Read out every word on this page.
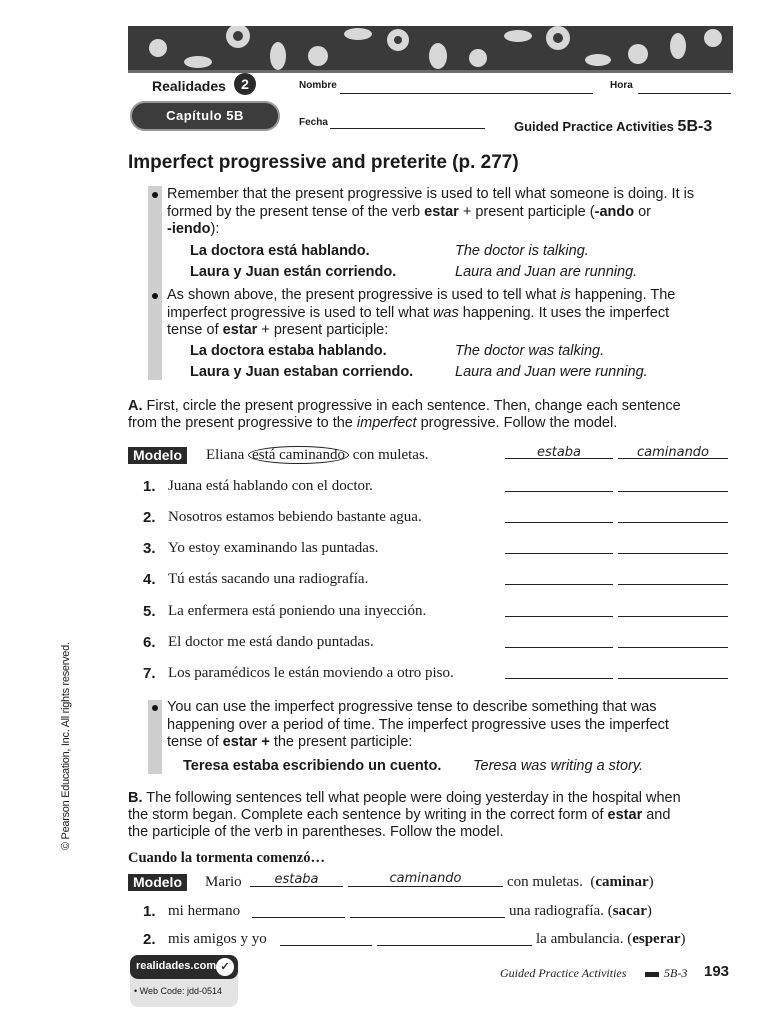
Realidades	2	Nombre	Hora
Capítulo 5B	Fecha	Guided Practice Activities 5B-3
Imperfect progressive and preterite (p. 277)
Remember that the present progressive is used to tell what someone is doing. It is
formed by the present tense of the verb estar + present participle (-ando or
-iendo):
La doctora está hablando.	The doctor is talking.
Laura y Juan están corriendo.	Laura and Juan are running.
As shown above, the present progressive is used to tell what is happening. The
imperfect progressive is used to tell what was happening. It uses the imperfect
tense of estar + present participle:
La doctora estaba hablando.	The doctor was talking.
Laura y Juan estaban corriendo.	Laura and Juan were running.
A. First, circle the present progressive in each sentence. Then, change each sentence
from the present progressive to the imperfect progressive. Follow the model.
Modelo	Eliana está caminando con muletas.	estaba	caminando
1. Juana está hablando con el doctor.
2. Nosotros estamos bebiendo bastante agua.
3. Yo estoy examinando las puntadas.
4. Tú estás sacando una radiografía.
5. La enfermera está poniendo una inyección.
6. El doctor me está dando puntadas.
7. Los paramédicos le están moviendo a otro piso.
You can use the imperfect progressive tense to describe something that was
happening over a period of time. The imperfect progressive uses the imperfect
tense of estar + the present participle:
Teresa estaba escribiendo un cuento. Teresa was writing a story.
B. The following sentences tell what people were doing yesterday in the hospital when
the storm began. Complete each sentence by writing in the correct form of estar and
the participle of the verb in parentheses. Follow the model.
Cuando la tormenta comenzó…
Modelo	Mario	estaba	caminando	con muletas.  (caminar)
1. mi hermano	una radiografía. (sacar)
2. mis amigos y yo	la ambulancia. (esperar)
realidades.com ✓
• Web Code: jdd-0514
Guided Practice Activities	5B-3 193
© Pearson Education, Inc. All rights reserved.
